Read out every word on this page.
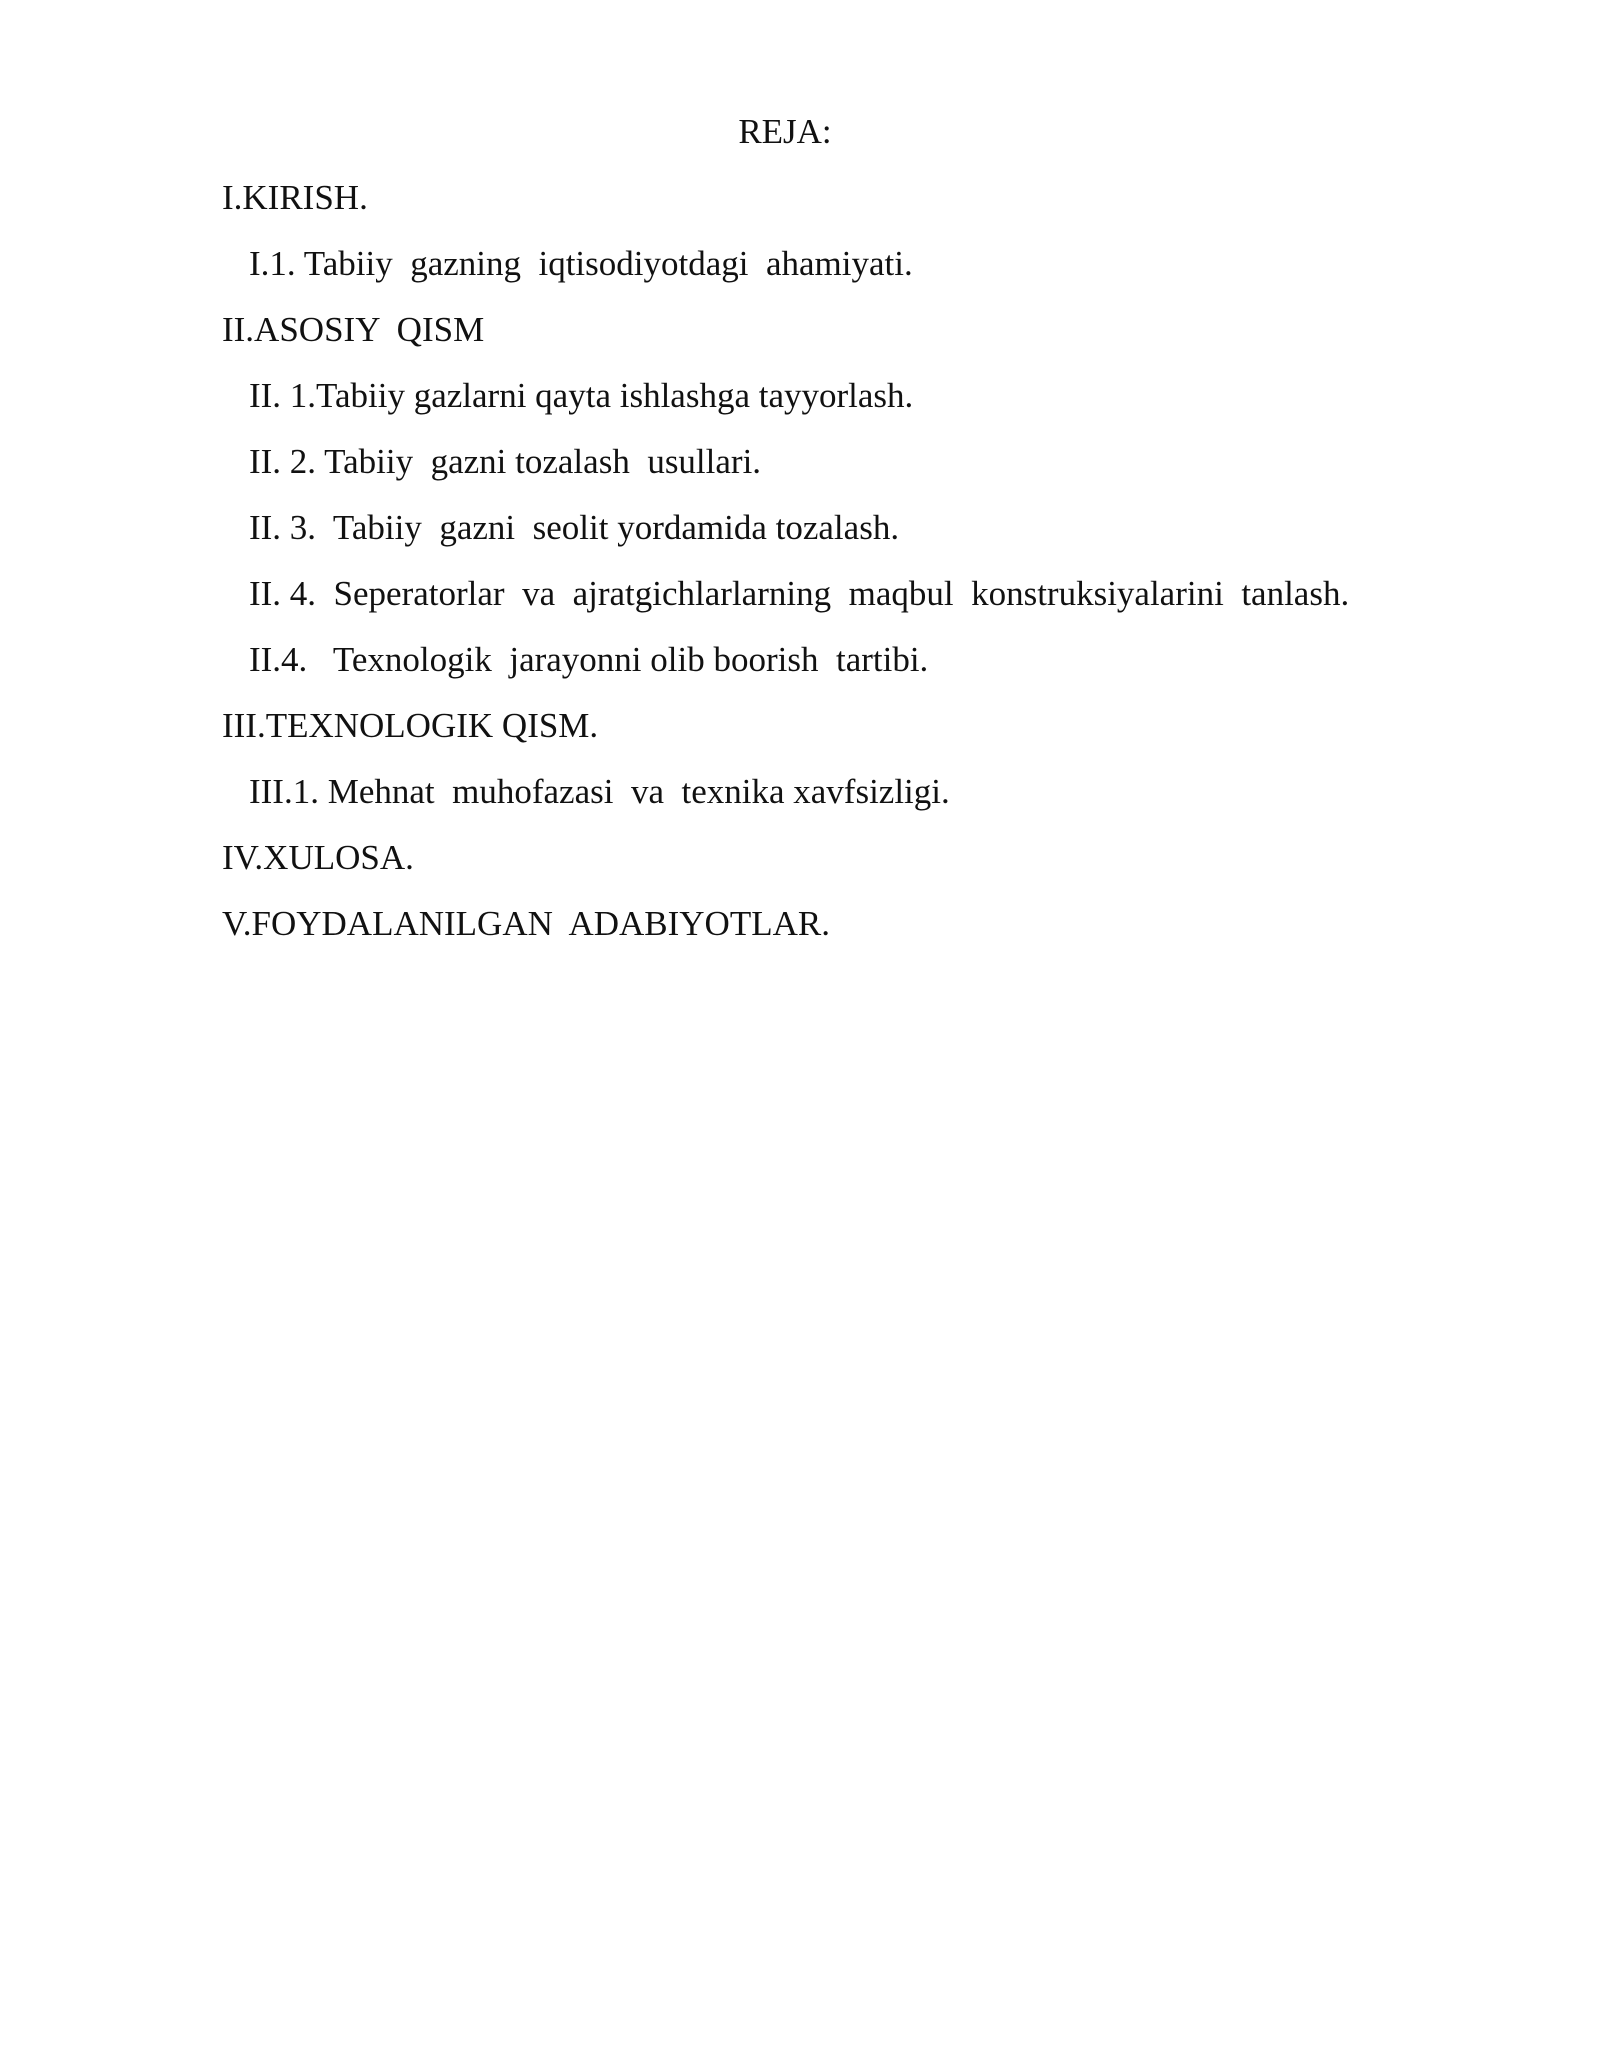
REJA:
I.KIRISH.
I.1. Tabiiy  gazning  iqtisodiyotdagi  ahamiyati.
II.ASOSIY  QISM
II. 1.Tabiiy gazlarni qayta ishlashga tayyorlash.
II. 2. Tabiiy  gazni tozalash  usullari.
II. 3.  Tabiiy  gazni  seolit yordamida tozalash.
II. 4.  Seperatorlar  va  ajratgichlarlarning  maqbul  konstruksiyalarini  tanlash.
II.4.   Texnologik  jarayonni olib boorish  tartibi.
III.TEXNOLOGIK QISM.
III.1. Mehnat  muhofazasi  va  texnika xavfsizligi.
IV.XULOSA.
V.FOYDALANILGAN  ADABIYOTLAR.
